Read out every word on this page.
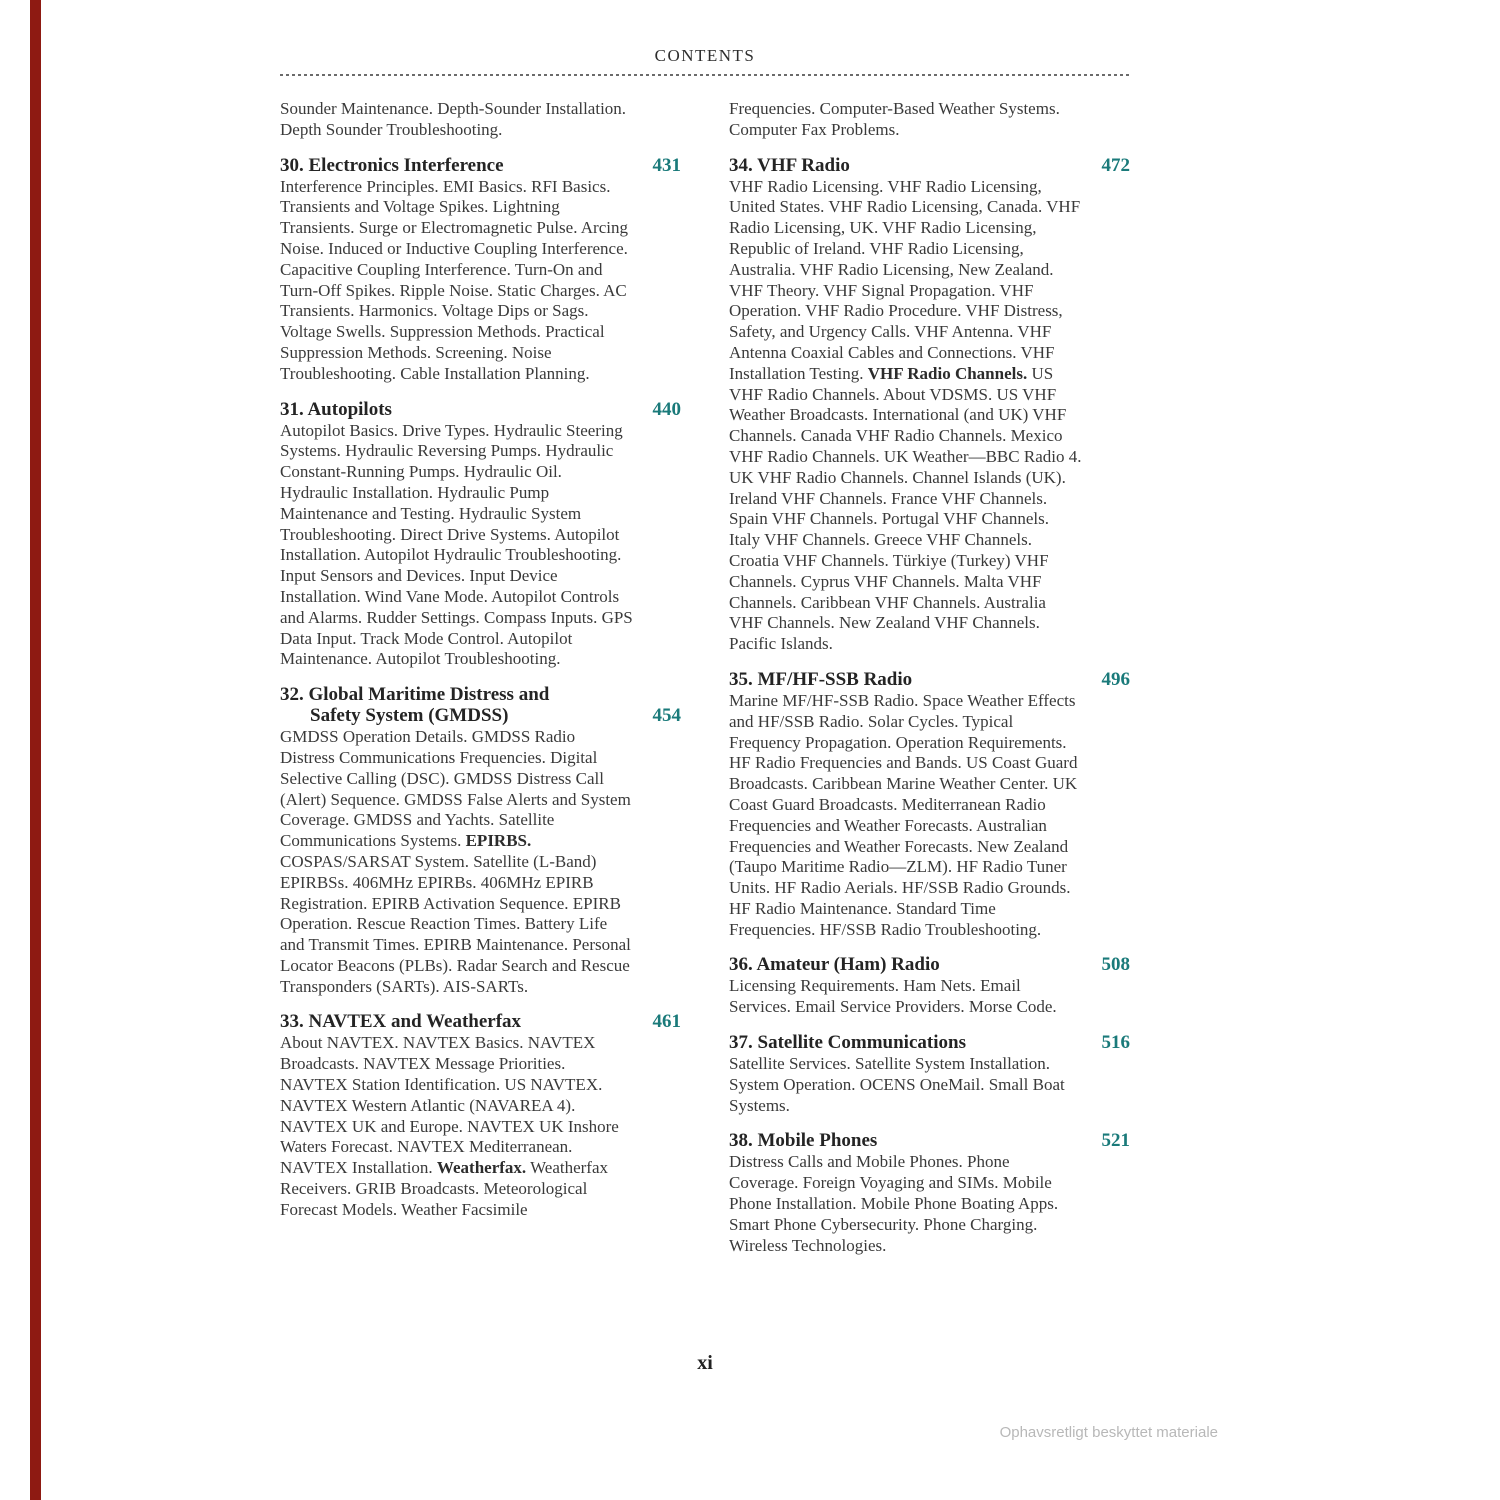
CONTENTS
Sounder Maintenance. Depth-Sounder Installation. Depth Sounder Troubleshooting.
30. Electronics Interference	431
Interference Principles. EMI Basics. RFI Basics. Transients and Voltage Spikes. Lightning Transients. Surge or Electromagnetic Pulse. Arcing Noise. Induced or Inductive Coupling Interference. Capacitive Coupling Interference. Turn-On and Turn-Off Spikes. Ripple Noise. Static Charges. AC Transients. Harmonics. Voltage Dips or Sags. Voltage Swells. Suppression Methods. Practical Suppression Methods. Screening. Noise Troubleshooting. Cable Installation Planning.
31. Autopilots	440
Autopilot Basics. Drive Types. Hydraulic Steering Systems. Hydraulic Reversing Pumps. Hydraulic Constant-Running Pumps. Hydraulic Oil. Hydraulic Installation. Hydraulic Pump Maintenance and Testing. Hydraulic System Troubleshooting. Direct Drive Systems. Autopilot Installation. Autopilot Hydraulic Troubleshooting. Input Sensors and Devices. Input Device Installation. Wind Vane Mode. Autopilot Controls and Alarms. Rudder Settings. Compass Inputs. GPS Data Input. Track Mode Control. Autopilot Maintenance. Autopilot Troubleshooting.
32. Global Maritime Distress and
Safety System (GMDSS)	454
GMDSS Operation Details. GMDSS Radio Distress Communications Frequencies. Digital Selective Calling (DSC). GMDSS Distress Call (Alert) Sequence. GMDSS False Alerts and System Coverage. GMDSS and Yachts. Satellite Communications Systems. EPIRBS. COSPAS/SARSAT System. Satellite (L-Band) EPIRBSs. 406MHz EPIRBs. 406MHz EPIRB Registration. EPIRB Activation Sequence. EPIRB Operation. Rescue Reaction Times. Battery Life and Transmit Times. EPIRB Maintenance. Personal Locator Beacons (PLBs). Radar Search and Rescue Transponders (SARTs). AIS-SARTs.
33. NAVTEX and Weatherfax	461
About NAVTEX. NAVTEX Basics. NAVTEX Broadcasts. NAVTEX Message Priorities. NAVTEX Station Identification. US NAVTEX. NAVTEX Western Atlantic (NAVAREA 4). NAVTEX UK and Europe. NAVTEX UK Inshore Waters Forecast. NAVTEX Mediterranean. NAVTEX Installation. Weatherfax. Weatherfax Receivers. GRIB Broadcasts. Meteorological Forecast Models. Weather Facsimile
Frequencies. Computer-Based Weather Systems. Computer Fax Problems.
34. VHF Radio	472
VHF Radio Licensing. VHF Radio Licensing, United States. VHF Radio Licensing, Canada. VHF Radio Licensing, UK. VHF Radio Licensing, Republic of Ireland. VHF Radio Licensing, Australia. VHF Radio Licensing, New Zealand. VHF Theory. VHF Signal Propagation. VHF Operation. VHF Radio Procedure. VHF Distress, Safety, and Urgency Calls. VHF Antenna. VHF Antenna Coaxial Cables and Connections. VHF Installation Testing. VHF Radio Channels. US VHF Radio Channels. About VDSMS. US VHF Weather Broadcasts. International (and UK) VHF Channels. Canada VHF Radio Channels. Mexico VHF Radio Channels. UK Weather—BBC Radio 4. UK VHF Radio Channels. Channel Islands (UK). Ireland VHF Channels. France VHF Channels. Spain VHF Channels. Portugal VHF Channels. Italy VHF Channels. Greece VHF Channels. Croatia VHF Channels. Türkiye (Turkey) VHF Channels. Cyprus VHF Channels. Malta VHF Channels. Caribbean VHF Channels. Australia VHF Channels. New Zealand VHF Channels. Pacific Islands.
35. MF/HF-SSB Radio	496
Marine MF/HF-SSB Radio. Space Weather Effects and HF/SSB Radio. Solar Cycles. Typical Frequency Propagation. Operation Requirements. HF Radio Frequencies and Bands. US Coast Guard Broadcasts. Caribbean Marine Weather Center. UK Coast Guard Broadcasts. Mediterranean Radio Frequencies and Weather Forecasts. Australian Frequencies and Weather Forecasts. New Zealand (Taupo Maritime Radio—ZLM). HF Radio Tuner Units. HF Radio Aerials. HF/SSB Radio Grounds. HF Radio Maintenance. Standard Time Frequencies. HF/SSB Radio Troubleshooting.
36. Amateur (Ham) Radio	508
Licensing Requirements. Ham Nets. Email Services. Email Service Providers. Morse Code.
37. Satellite Communications	516
Satellite Services. Satellite System Installation. System Operation. OCENS OneMail. Small Boat Systems.
38. Mobile Phones	521
Distress Calls and Mobile Phones. Phone Coverage. Foreign Voyaging and SIMs. Mobile Phone Installation. Mobile Phone Boating Apps. Smart Phone Cybersecurity. Phone Charging. Wireless Technologies.
xi
Ophavsretligt beskyttet materiale
